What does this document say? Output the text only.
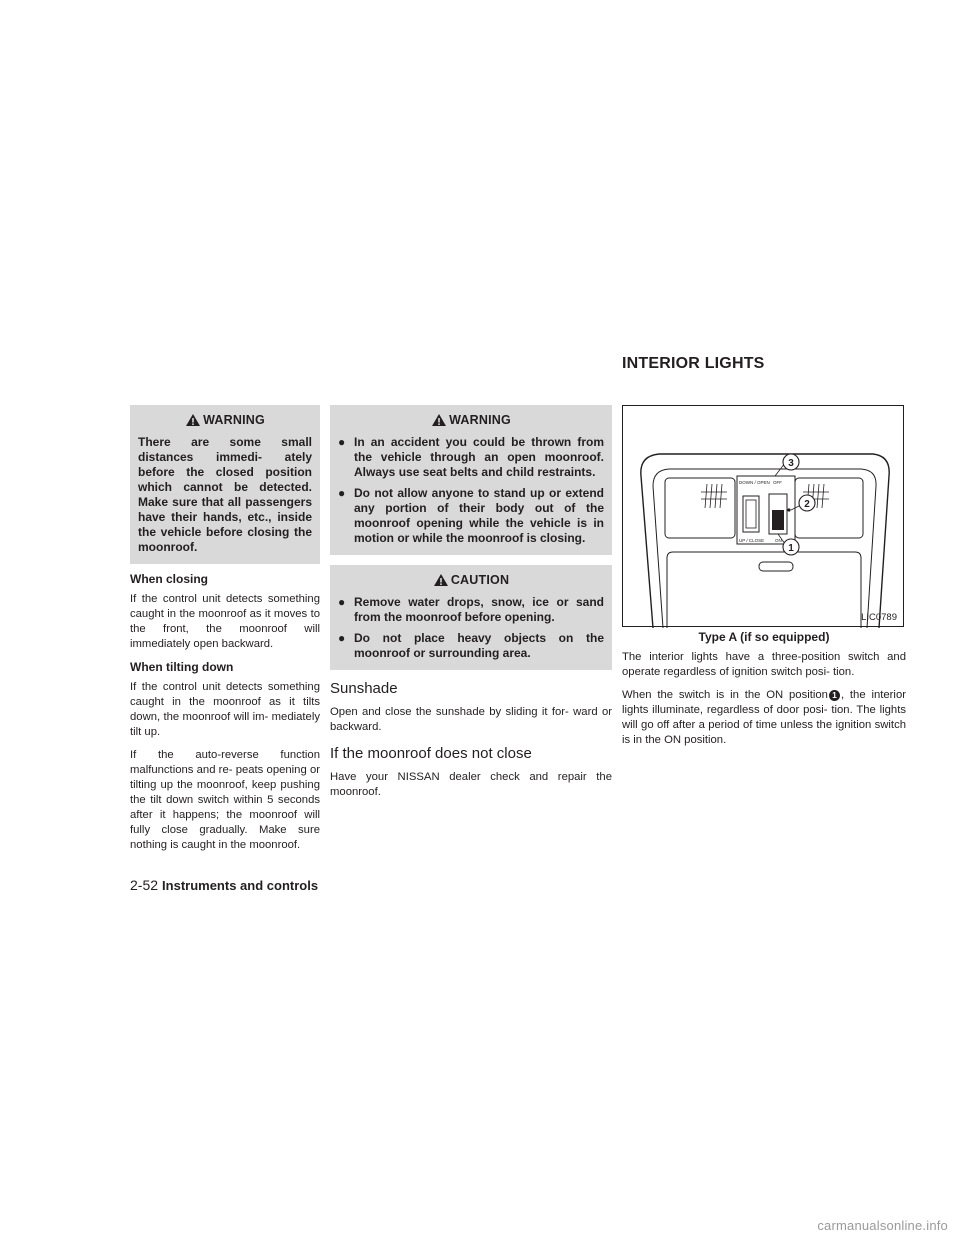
INTERIOR LIGHTS
WARNING
There are some small distances immedi- ately before the closed position which cannot be detected. Make sure that all passengers have their hands, etc., inside the vehicle before closing the moonroof.
When closing

If the control unit detects something caught in the moonroof as it moves to the front, the moonroof will immediately open backward.

When tilting down

If the control unit detects something caught in the moonroof as it tilts down, the moonroof will im- mediately tilt up.

If the auto-reverse function malfunctions and re- peats opening or tilting up the moonroof, keep pushing the tilt down switch within 5 seconds after it happens; the moonroof will fully close gradually. Make sure nothing is caught in the moonroof.

WARNING
● In an accident you could be thrown from the vehicle through an open moonroof. Always use seat belts and child restraints.
● Do not allow anyone to stand up or extend any portion of their body out of the moonroof opening while the vehicle is in motion or while the moonroof is closing.
CAUTION
● Remove water drops, snow, ice or sand from the moonroof before opening.
● Do not place heavy objects on the moonroof or surrounding area.
Sunshade

Open and close the sunshade by sliding it for- ward or backward.

If the moonroof does not close

Have your NISSAN dealer check and repair the moonroof.

DOWN / OPEN OFF
UP / CLOSE ON
3
2
1
LIC0789
Type A (if so equipped)

The interior lights have a three-position switch and operate regardless of ignition switch posi- tion.

When the switch is in the ON position 1 , the interior lights illuminate, regardless of door posi- tion. The lights will go off after a period of time unless the ignition switch is in the ON position.

2-52 Instruments and controls
carmanualsonline.info
